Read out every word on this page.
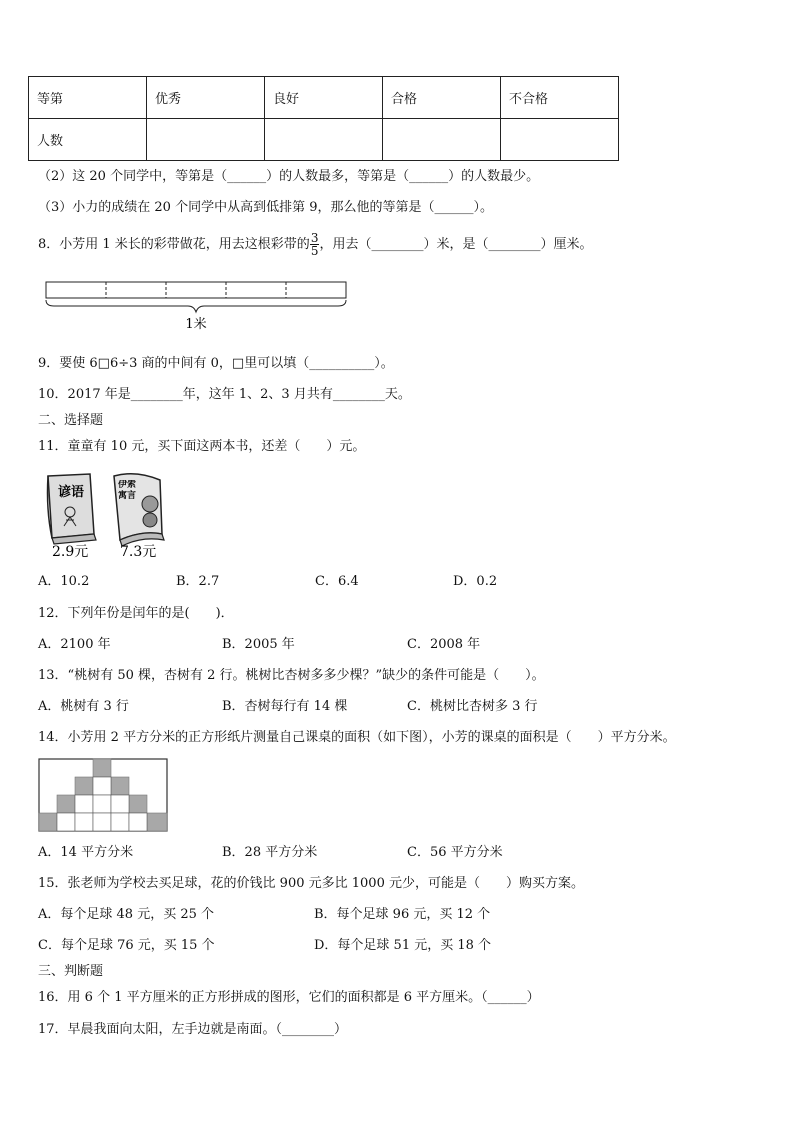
等第	优秀	良好	合格	不合格
人数				
（2）这 20 个同学中，等第是（______）的人数最多，等第是（______）的人数最少。
（3）小力的成绩在 20 个同学中从高到低排第 9，那么他的等第是（______）。
8．小芳用 1 米长的彩带做花，用去这根彩带的 $\frac{3}{5}$ ，用去（________）米，是（________）厘米。
1米
9．要使 6□6÷3 商的中间有 0，□里可以填（__________）。
10．2017 年是________年，这年 1、2、3 月共有________天。
二、选择题
11．童童有 10 元，买下面这两本书，还差（　　）元。
谚语
2.9元
伊索寓言
7.3元
A．10.2	B．2.7	C．6.4	D．0.2
12．下列年份是闰年的是(　　)．
A．2100 年	B．2005 年	C．2008 年
13．“桃树有 50 棵，杏树有 2 行。桃树比杏树多多少棵？”缺少的条件可能是（　　）。
A．桃树有 3 行	B．杏树每行有 14 棵	C．桃树比杏树多 3 行
14．小芳用 2 平方分米的正方形纸片测量自己课桌的面积（如下图），小芳的课桌的面积是（　　）平方分米。
A．14 平方分米	B．28 平方分米	C．56 平方分米
15．张老师为学校去买足球，花的价钱比 900 元多比 1000 元少，可能是（　　）购买方案。
A．每个足球 48 元，买 25 个	B．每个足球 96 元，买 12 个
C．每个足球 76 元，买 15 个	D．每个足球 51 元，买 18 个
三、判断题
16．用 6 个 1 平方厘米的正方形拼成的图形，它们的面积都是 6 平方厘米。（______）
17．早晨我面向太阳，左手边就是南面。（________）
